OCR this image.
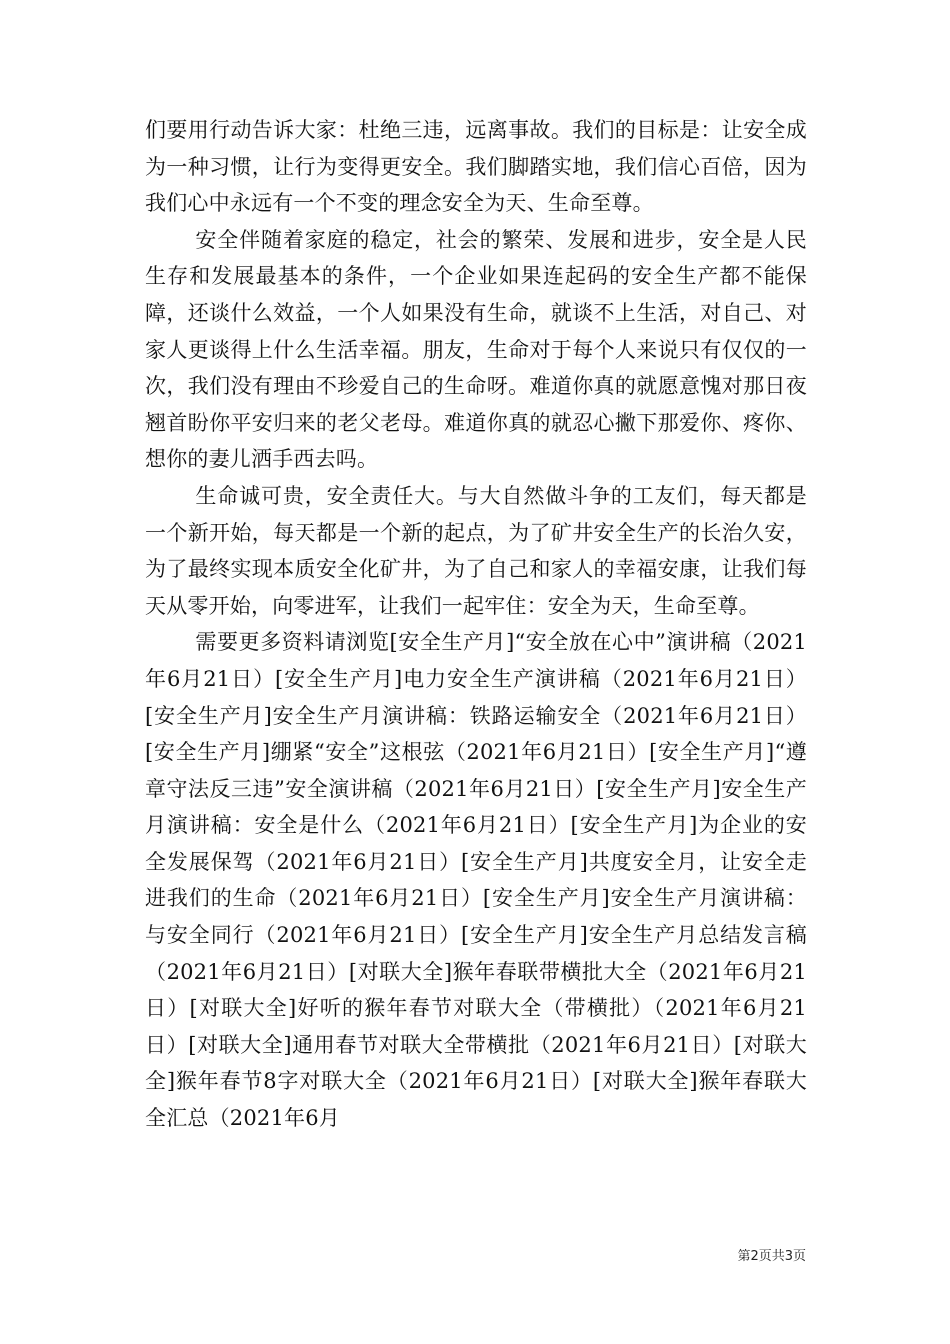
们要用行动告诉大家：杜绝三违，远离事故。我们的目标是：让安全成为一种习惯，让行为变得更安全。我们脚踏实地，我们信心百倍，因为我们心中永远有一个不变的理念安全为天、生命至尊。

安全伴随着家庭的稳定，社会的繁荣、发展和进步，安全是人民生存和发展最基本的条件，一个企业如果连起码的安全生产都不能保障，还谈什么效益，一个人如果没有生命，就谈不上生活，对自己、对家人更谈得上什么生活幸福。朋友，生命对于每个人来说只有仅仅的一次，我们没有理由不珍爱自己的生命呀。难道你真的就愿意愧对那日夜翘首盼你平安归来的老父老母。难道你真的就忍心撇下那爱你、疼你、想你的妻儿洒手西去吗。

生命诚可贵，安全责任大。与大自然做斗争的工友们，每天都是一个新开始，每天都是一个新的起点，为了矿井安全生产的长治久安，为了最终实现本质安全化矿井，为了自己和家人的幸福安康，让我们每天从零开始，向零进军，让我们一起牢住：安全为天，生命至尊。

需要更多资料请浏览[安全生产月]“安全放在心中”演讲稿（2021年6月21日）[安全生产月]电力安全生产演讲稿（2021年6月21日）[安全生产月]安全生产月演讲稿：铁路运输安全（2021年6月21日）[安全生产月]绷紧“安全”这根弦（2021年6月21日）[安全生产月]“遵章守法反三违”安全演讲稿（2021年6月21日）[安全生产月]安全生产月演讲稿：安全是什么（2021年6月21日）[安全生产月]为企业的安全发展保驾（2021年6月21日）[安全生产月]共度安全月，让安全走进我们的生命（2021年6月21日）[安全生产月]安全生产月演讲稿：与安全同行（2021年6月21日）[安全生产月]安全生产月总结发言稿（2021年6月21日）[对联大全]猴年春联带横批大全（2021年6月21日）[对联大全]好听的猴年春节对联大全（带横批）（2021年6月21日）[对联大全]通用春节对联大全带横批（2021年6月21日）[对联大全]猴年春节8字对联大全（2021年6月21日）[对联大全]猴年春联大全汇总（2021年6月

第2页共3页
